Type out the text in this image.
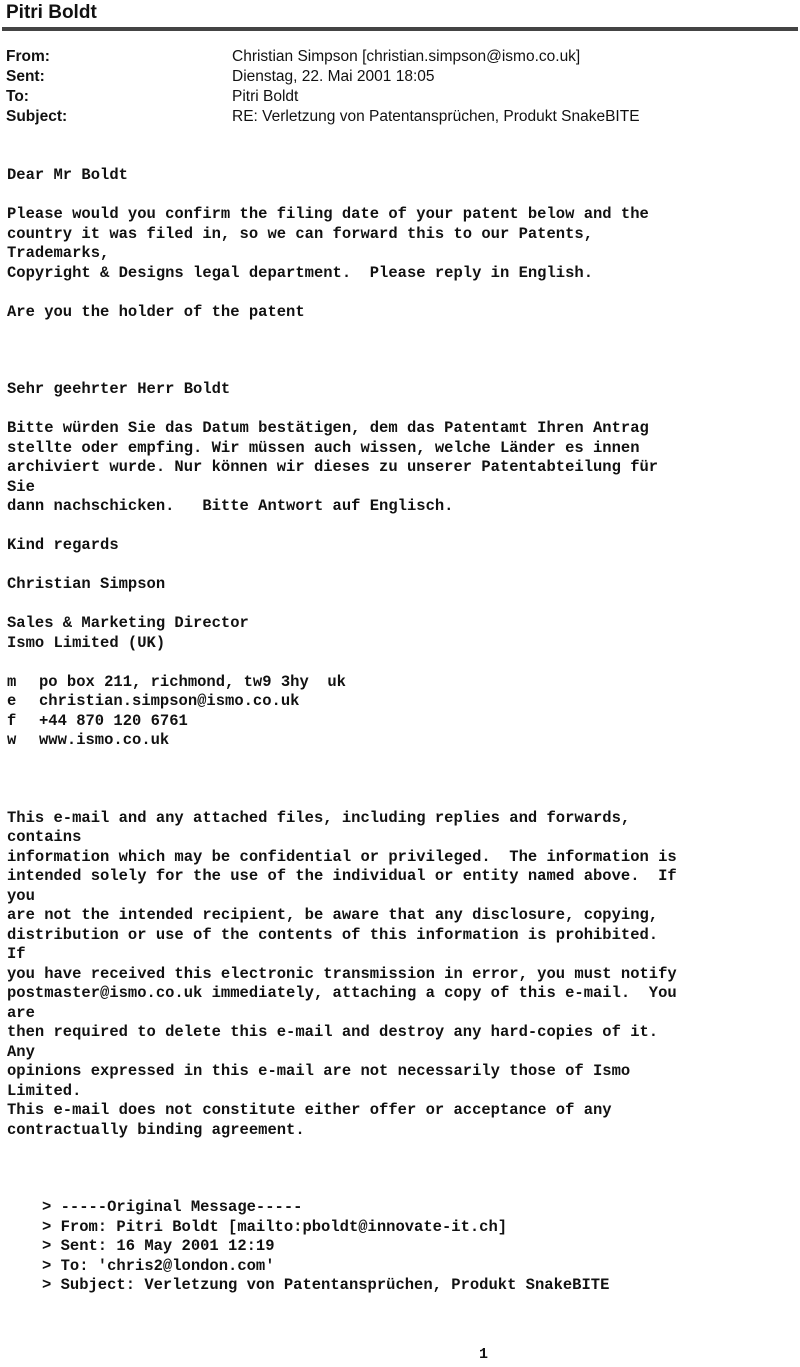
Pitri Boldt
From:	Christian Simpson [christian.simpson@ismo.co.uk]
Sent:	Dienstag, 22. Mai 2001 18:05
To:	Pitri Boldt
Subject:	RE: Verletzung von Patentansprüchen, Produkt SnakeBITE
Dear Mr Boldt
Please would you confirm the filing date of your patent below and the
country it was filed in, so we can forward this to our Patents,
Trademarks,
Copyright & Designs legal department.  Please reply in English.
Are you the holder of the patent
Sehr geehrter Herr Boldt
Bitte würden Sie das Datum bestätigen, dem das Patentamt Ihren Antrag
stellte oder empfing. Wir müssen auch wissen, welche Länder es innen
archiviert wurde. Nur können wir dieses zu unserer Patentabteilung für
Sie
dann nachschicken.   Bitte Antwort auf Englisch.
Kind regards
Christian Simpson
Sales & Marketing Director
Ismo Limited (UK)
m	po box 211, richmond, tw9 3hy  uk
e	christian.simpson@ismo.co.uk
f	+44 870 120 6761
w	www.ismo.co.uk
This e-mail and any attached files, including replies and forwards,
contains
information which may be confidential or privileged.  The information is
intended solely for the use of the individual or entity named above.  If
you
are not the intended recipient, be aware that any disclosure, copying,
distribution or use of the contents of this information is prohibited.
If
you have received this electronic transmission in error, you must notify
postmaster@ismo.co.uk immediately, attaching a copy of this e-mail.  You
are
then required to delete this e-mail and destroy any hard-copies of it.
Any
opinions expressed in this e-mail are not necessarily those of Ismo
Limited.
This e-mail does not constitute either offer or acceptance of any
contractually binding agreement.
> -----Original Message-----
> From: Pitri Boldt [mailto:pboldt@innovate-it.ch]
> Sent: 16 May 2001 12:19
> To: 'chris2@london.com'
> Subject: Verletzung von Patentansprüchen, Produkt SnakeBITE
1
